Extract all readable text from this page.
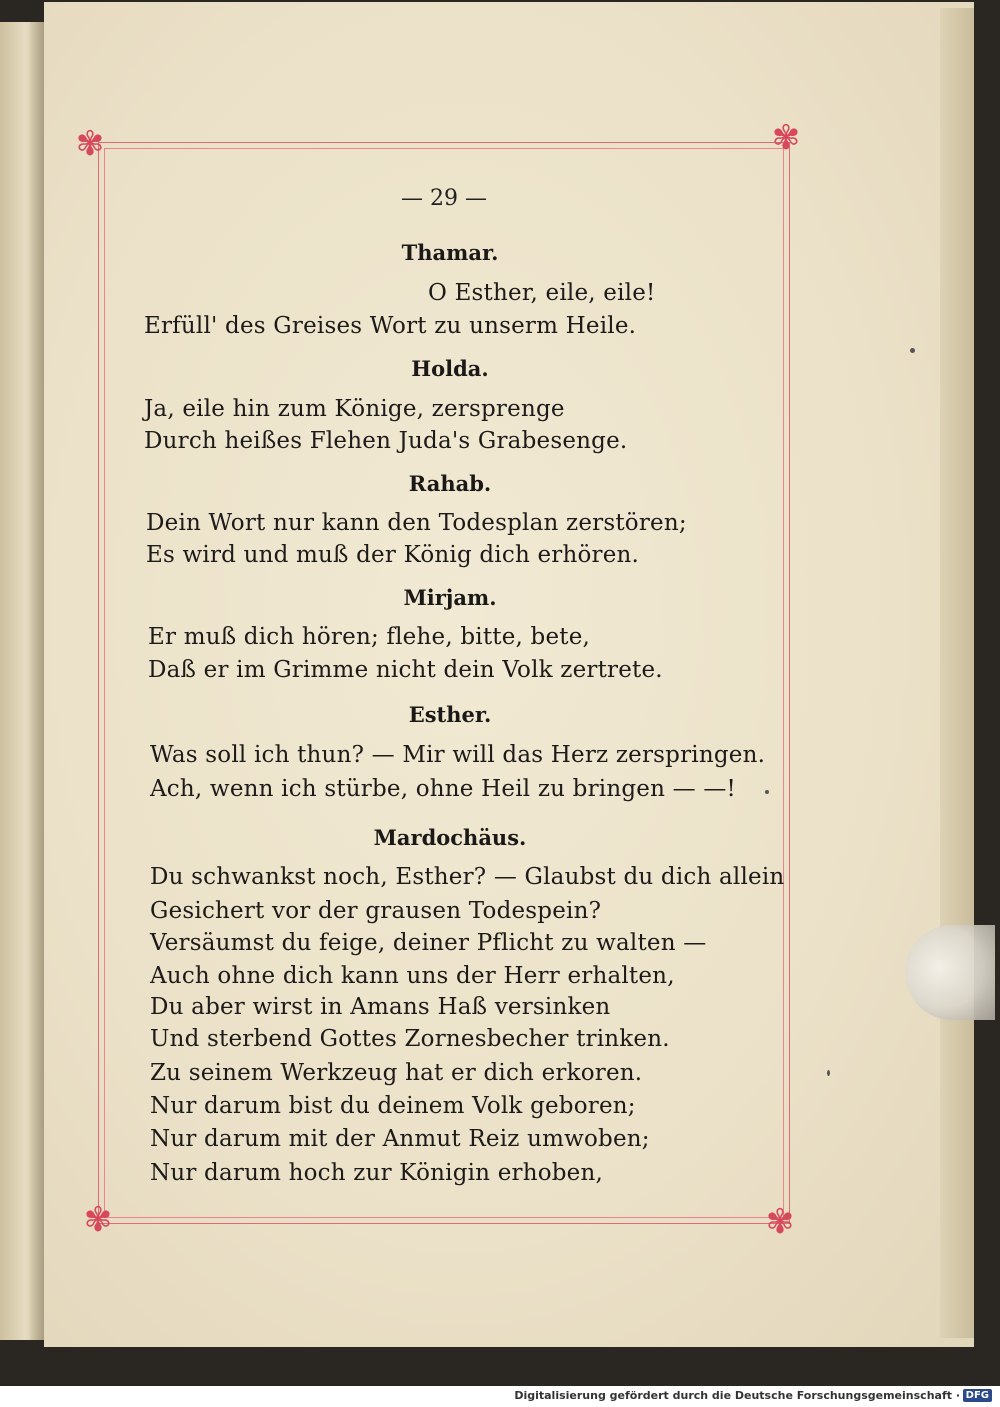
✾	✾
✾	✾
— 29 —
Thamar.
O Esther, eile, eile!
Erfüll' des Greises Wort zu unserm Heile.
Holda.
Ja, eile hin zum Könige, zersprenge
Durch heißes Flehen Juda's Grabesenge.
Rahab.
Dein Wort nur kann den Todesplan zerstören;
Es wird und muß der König dich erhören.
Mirjam.
Er muß dich hören; flehe, bitte, bete,
Daß er im Grimme nicht dein Volk zertrete.
Esther.
Was soll ich thun? — Mir will das Herz zerspringen.
Ach, wenn ich stürbe, ohne Heil zu bringen — —!
Mardochäus.
Du schwankst noch, Esther? — Glaubst du dich allein
Gesichert vor der grausen Todespein?
Versäumst du feige, deiner Pflicht zu walten —
Auch ohne dich kann uns der Herr erhalten,
Du aber wirst in Amans Haß versinken
Und sterbend Gottes Zornesbecher trinken.
Zu seinem Werkzeug hat er dich erkoren.
Nur darum bist du deinem Volk geboren;
Nur darum mit der Anmut Reiz umwoben;
Nur darum hoch zur Königin erhoben,
Digitalisierung gefördert durch die Deutsche Forschungsgemeinschaft · DFG
